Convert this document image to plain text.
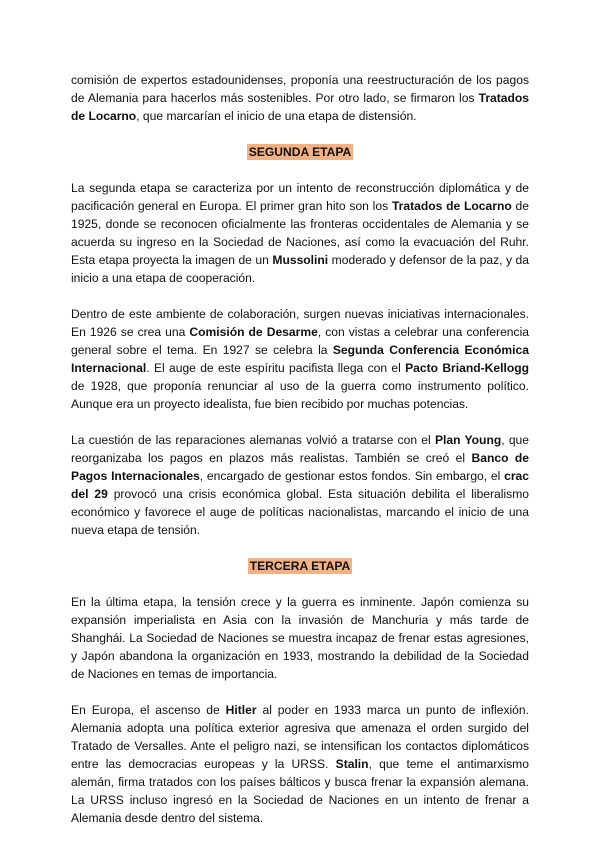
comisión de expertos estadounidenses, proponía una reestructuración de los pagos de Alemania para hacerlos más sostenibles. Por otro lado, se firmaron los Tratados de Locarno, que marcarían el inicio de una etapa de distensión.

SEGUNDA ETAPA

La segunda etapa se caracteriza por un intento de reconstrucción diplomática y de pacificación general en Europa. El primer gran hito son los Tratados de Locarno de 1925, donde se reconocen oficialmente las fronteras occidentales de Alemania y se acuerda su ingreso en la Sociedad de Naciones, así como la evacuación del Ruhr. Esta etapa proyecta la imagen de un Mussolini moderado y defensor de la paz, y da inicio a una etapa de cooperación.

Dentro de este ambiente de colaboración, surgen nuevas iniciativas internacionales. En 1926 se crea una Comisión de Desarme, con vistas a celebrar una conferencia general sobre el tema. En 1927 se celebra la Segunda Conferencia Económica Internacional. El auge de este espíritu pacifista llega con el Pacto Briand-Kellogg de 1928, que proponía renunciar al uso de la guerra como instrumento político. Aunque era un proyecto idealista, fue bien recibido por muchas potencias.

La cuestión de las reparaciones alemanas volvió a tratarse con el Plan Young, que reorganizaba los pagos en plazos más realistas. También se creó el Banco de Pagos Internacionales, encargado de gestionar estos fondos. Sin embargo, el crac del 29 provocó una crisis económica global. Esta situación debilita el liberalismo económico y favorece el auge de políticas nacionalistas, marcando el inicio de una nueva etapa de tensión.

TERCERA ETAPA

En la última etapa, la tensión crece y la guerra es inminente. Japón comienza su expansión imperialista en Asia con la invasión de Manchuria y más tarde de Shanghái. La Sociedad de Naciones se muestra incapaz de frenar estas agresiones, y Japón abandona la organización en 1933, mostrando la debilidad de la Sociedad de Naciones en temas de importancia.

En Europa, el ascenso de Hitler al poder en 1933 marca un punto de inflexión. Alemania adopta una política exterior agresiva que amenaza el orden surgido del Tratado de Versalles. Ante el peligro nazi, se intensifican los contactos diplomáticos entre las democracias europeas y la URSS. Stalin, que teme el antimarxismo alemán, firma tratados con los países bálticos y busca frenar la expansión alemana. La URSS incluso ingresó en la Sociedad de Naciones en un intento de frenar a Alemania desde dentro del sistema.
